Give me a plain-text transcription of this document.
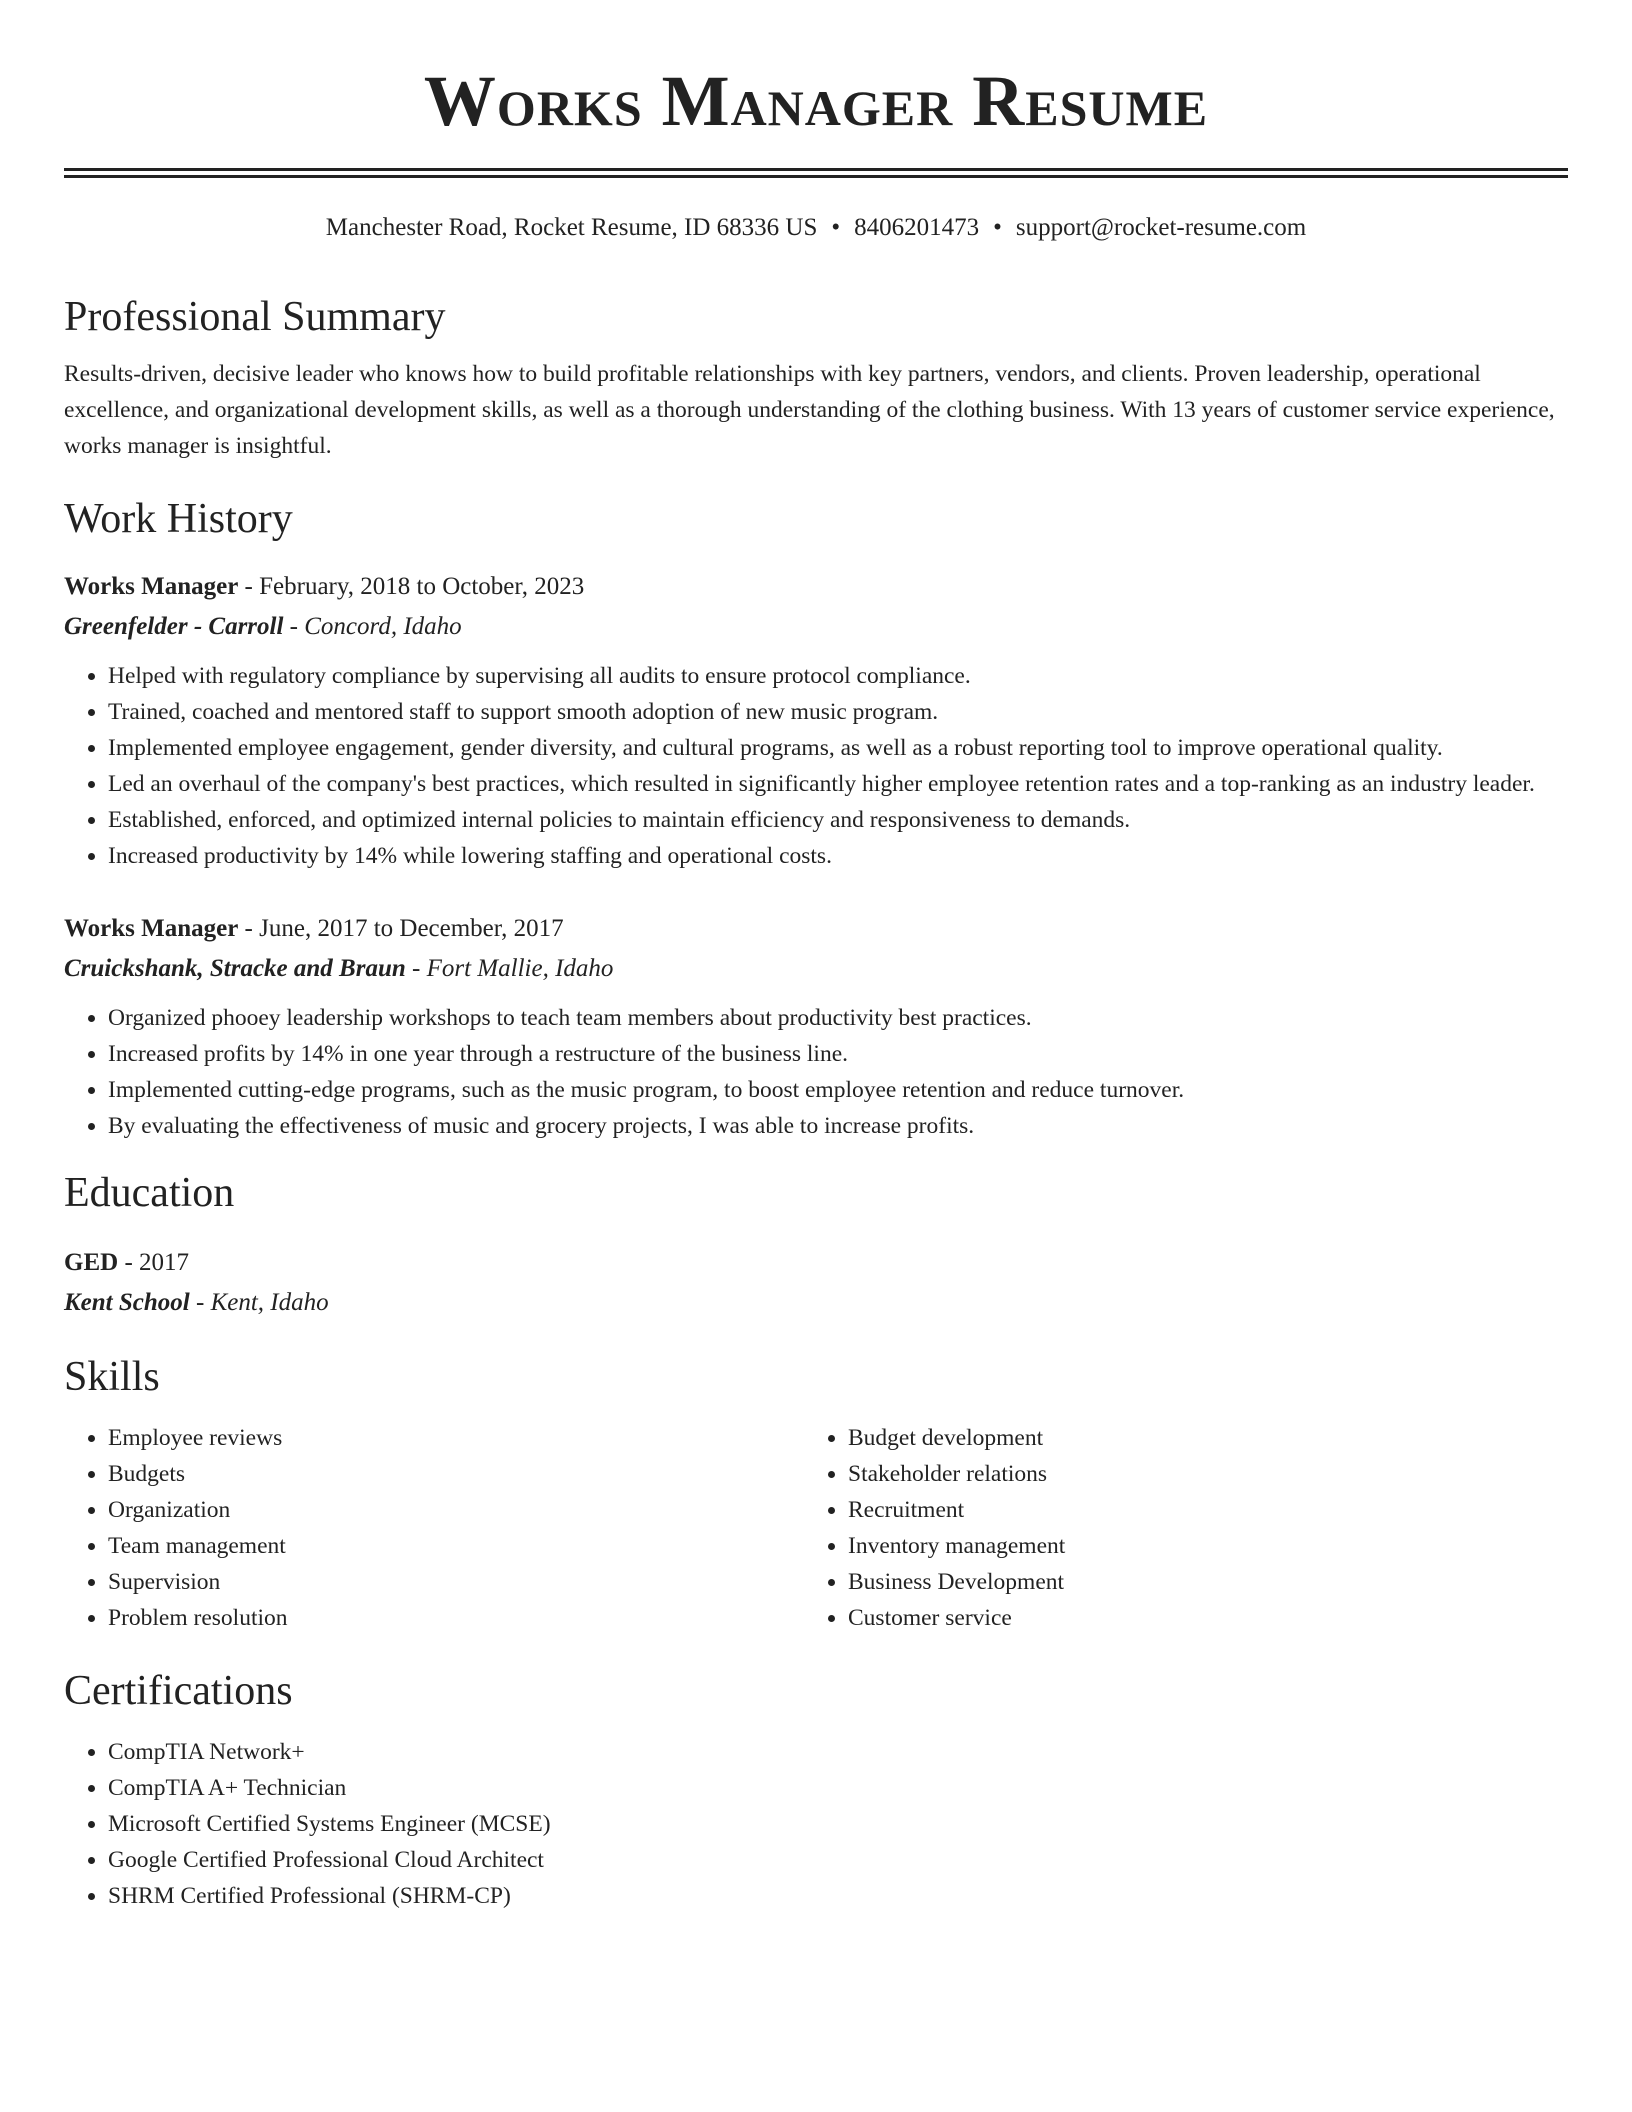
Works Manager Resume
Manchester Road, Rocket Resume, ID 68336 US • 8406201473 • support@rocket-resume.com
Professional Summary

Results-driven, decisive leader who knows how to build profitable relationships with key partners, vendors, and clients. Proven leadership, operational excellence, and organizational development skills, as well as a thorough understanding of the clothing business. With 13 years of customer service experience, works manager is insightful.

Work History

Works Manager - February, 2018 to October, 2023

Greenfelder - Carroll - Concord, Idaho

• Helped with regulatory compliance by supervising all audits to ensure protocol compliance.
• Trained, coached and mentored staff to support smooth adoption of new music program.
• Implemented employee engagement, gender diversity, and cultural programs, as well as a robust reporting tool to improve operational quality.
• Led an overhaul of the company's best practices, which resulted in significantly higher employee retention rates and a top-ranking as an industry leader.
• Established, enforced, and optimized internal policies to maintain efficiency and responsiveness to demands.
• Increased productivity by 14% while lowering staffing and operational costs.

Works Manager - June, 2017 to December, 2017

Cruickshank, Stracke and Braun - Fort Mallie, Idaho

• Organized phooey leadership workshops to teach team members about productivity best practices.
• Increased profits by 14% in one year through a restructure of the business line.
• Implemented cutting-edge programs, such as the music program, to boost employee retention and reduce turnover.
• By evaluating the effectiveness of music and grocery projects, I was able to increase profits.
Education

GED - 2017

Kent School - Kent, Idaho

Skills
• Employee reviews
• Budgets
• Organization
• Team management
• Supervision
• Problem resolution
• Budget development
• Stakeholder relations
• Recruitment
• Inventory management
• Business Development
• Customer service
Certifications
• CompTIA Network+
• CompTIA A+ Technician
• Microsoft Certified Systems Engineer (MCSE)
• Google Certified Professional Cloud Architect
• SHRM Certified Professional (SHRM-CP)
